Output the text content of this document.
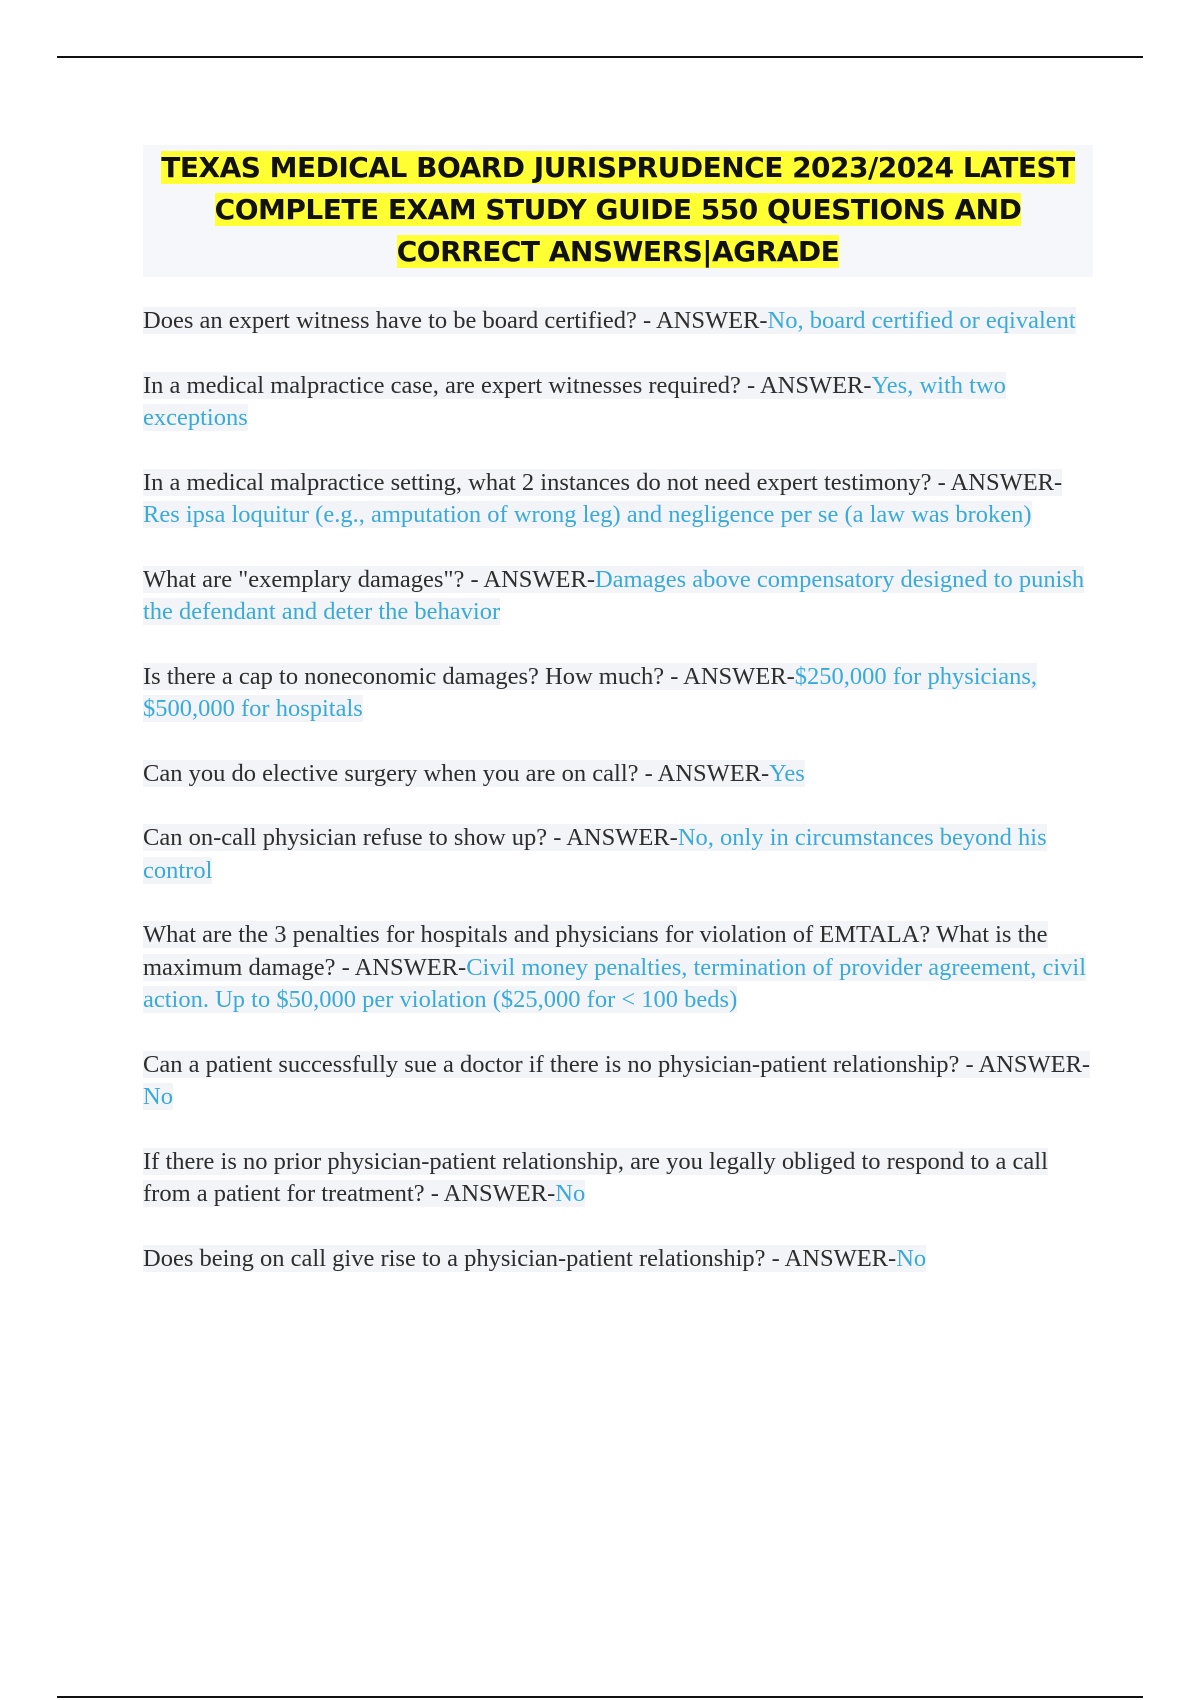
TEXAS MEDICAL BOARD JURISPRUDENCE 2023/2024 LATEST COMPLETE EXAM STUDY GUIDE 550 QUESTIONS AND CORRECT ANSWERS|AGRADE

Does an expert witness have to be board certified? - ANSWER-No, board certified or eqivalent

In a medical malpractice case, are expert witnesses required? - ANSWER-Yes, with two exceptions

In a medical malpractice setting, what 2 instances do not need expert testimony? - ANSWER-Res ipsa loquitur (e.g., amputation of wrong leg) and negligence per se (a law was broken)

What are "exemplary damages"? - ANSWER-Damages above compensatory designed to punish the defendant and deter the behavior

Is there a cap to noneconomic damages? How much? - ANSWER-$250,000 for physicians, $500,000 for hospitals

Can you do elective surgery when you are on call? - ANSWER-Yes

Can on-call physician refuse to show up? - ANSWER-No, only in circumstances beyond his control

What are the 3 penalties for hospitals and physicians for violation of EMTALA? What is the maximum damage? - ANSWER-Civil money penalties, termination of provider agreement, civil action. Up to $50,000 per violation ($25,000 for < 100 beds)

Can a patient successfully sue a doctor if there is no physician-patient relationship? - ANSWER-No

If there is no prior physician-patient relationship, are you legally obliged to respond to a call from a patient for treatment? - ANSWER-No

Does being on call give rise to a physician-patient relationship? - ANSWER-No
